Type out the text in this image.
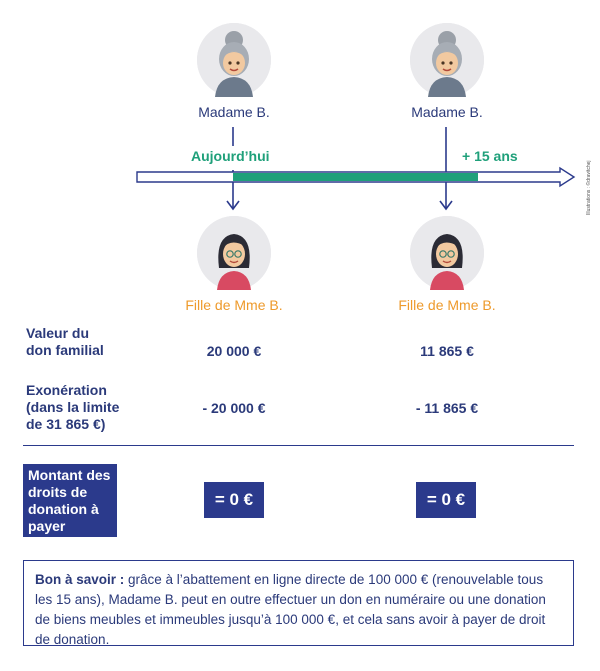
Madame B.	Madame B.
Aujourd’hui	+ 15 ans
Fille de Mme B.	Fille de Mme B.
Illustrations : ©dravitchej
Valeur du
don familial	20 000 €	11 865 €
Exonération
(dans la limite
de 31 865 €)
- 20 000 €	- 11 865 €
Montant des
droits de
donation à
payer
= 0 €	= 0 €
Bon à savoir : grâce à l’abattement en ligne directe de 100 000 € (renouvelable tous les 15 ans), Madame B. peut en outre effectuer un don en numéraire ou une donation de biens meubles et immeubles jusqu’à 100 000 €, et cela sans avoir à payer de droit de donation.
